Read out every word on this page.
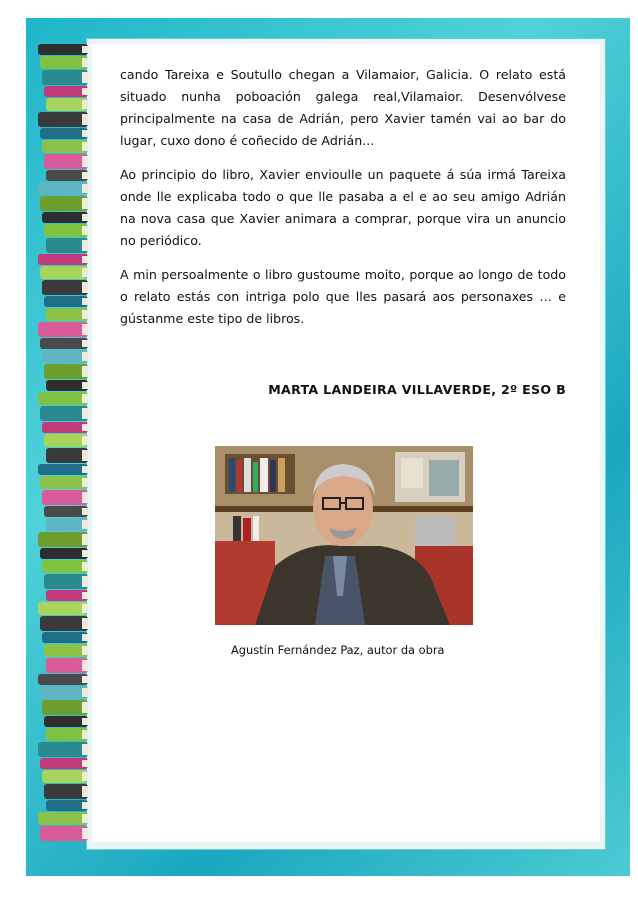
cando Tareixa e Soutullo chegan a Vilamaior, Galicia. O relato está situado nunha poboación galega real,Vilamaior. Desenvólvese principalmente na casa de Adrián, pero Xavier tamén vai ao bar do lugar, cuxo dono é coñecido de Adrián...

Ao principio do libro, Xavier envioulle un paquete á súa irmá Tareixa onde lle explicaba todo o que lle pasaba a el e ao seu amigo Adrián na nova casa que Xavier animara a comprar, porque vira un anuncio no periódico.

A min persoalmente o libro gustoume moito, porque ao longo de todo o relato estás con intriga polo que lles pasará aos personaxes … e gústanme este tipo de libros.

MARTA LANDEIRA VILLAVERDE, 2º ESO B
Agustín Fernández Paz, autor da obra
